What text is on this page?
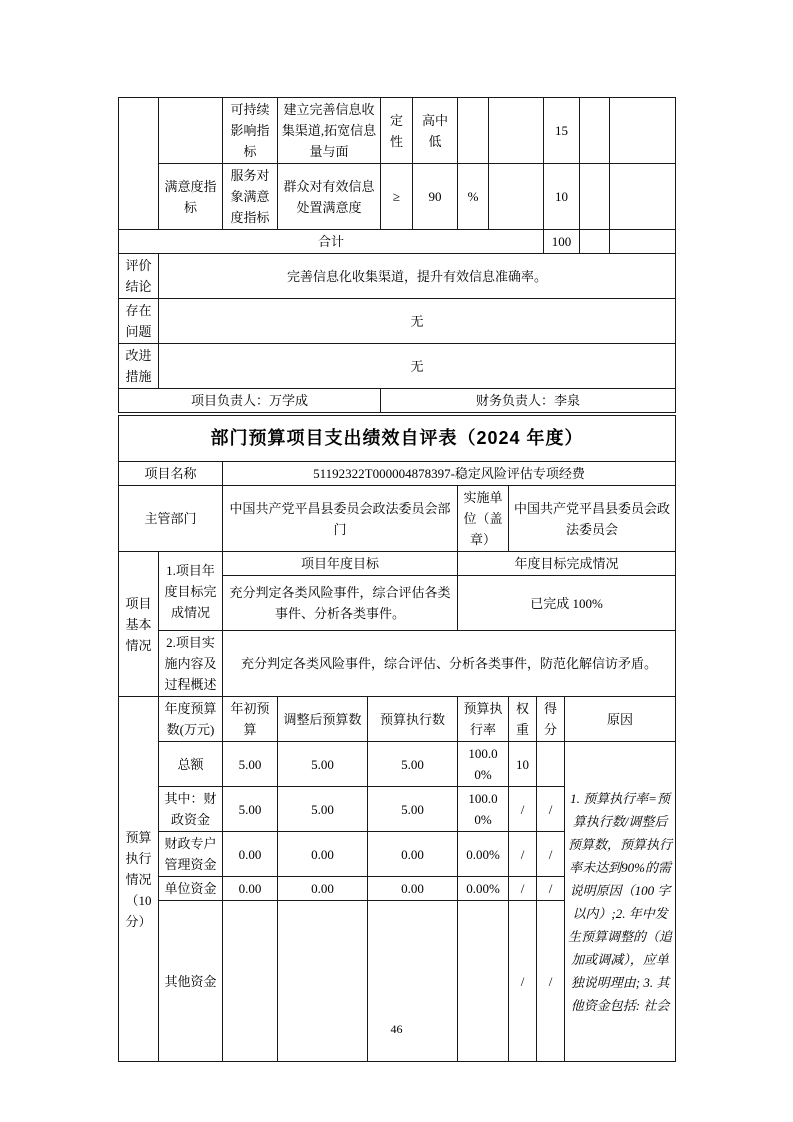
		可持续影响指标	建立完善信息收集渠道,拓宽信息量与面	定性	高中低			15		
	满意度指标	服务对象满意度指标	群众对有效信息处置满意度	≥	90	%		10		
合计								100		
评价结论	完善信息化收集渠道，提升有效信息准确率。									
存在问题	无									
改进措施	无									
项目负责人：万学成				财务负责人：李泉						
部门预算项目支出绩效自评表（2024 年度）								
项目名称		51192322T000004878397-稳定风险评估专项经费						
主管部门		中国共产党平昌县委员会政法委员会部门			实施单位（盖章）	中国共产党平昌县委员会政法委员会		
项目基本情况	1.项目年度目标完成情况	项目年度目标			年度目标完成情况			
		充分判定各类风险事件，综合评估各类事件、分析各类事件。			已完成 100%			
	2.项目实施内容及过程概述	充分判定各类风险事件，综合评估、分析各类事件，防范化解信访矛盾。						
预算执行情况（10分）	年度预算数(万元)	年初预算	调整后预算数	预算执行数	预算执行率	权重	得分	原因
	总额	5.00	5.00	5.00	100.00%	10		1. 预算执行率=预算执行数/调整后预算数，预算执行率未达到90%的需说明原因（100 字以内）;2. 年中发生预算调整的（追加或调减），应单独说明理由; 3. 其他资金包括: 社会
	其中：财政资金	5.00	5.00	5.00	100.00%	/	/	
	财政专户管理资金	0.00	0.00	0.00	0.00%	/	/	
	单位资金	0.00	0.00	0.00	0.00%	/	/	
	其他资金					/	/	
46
